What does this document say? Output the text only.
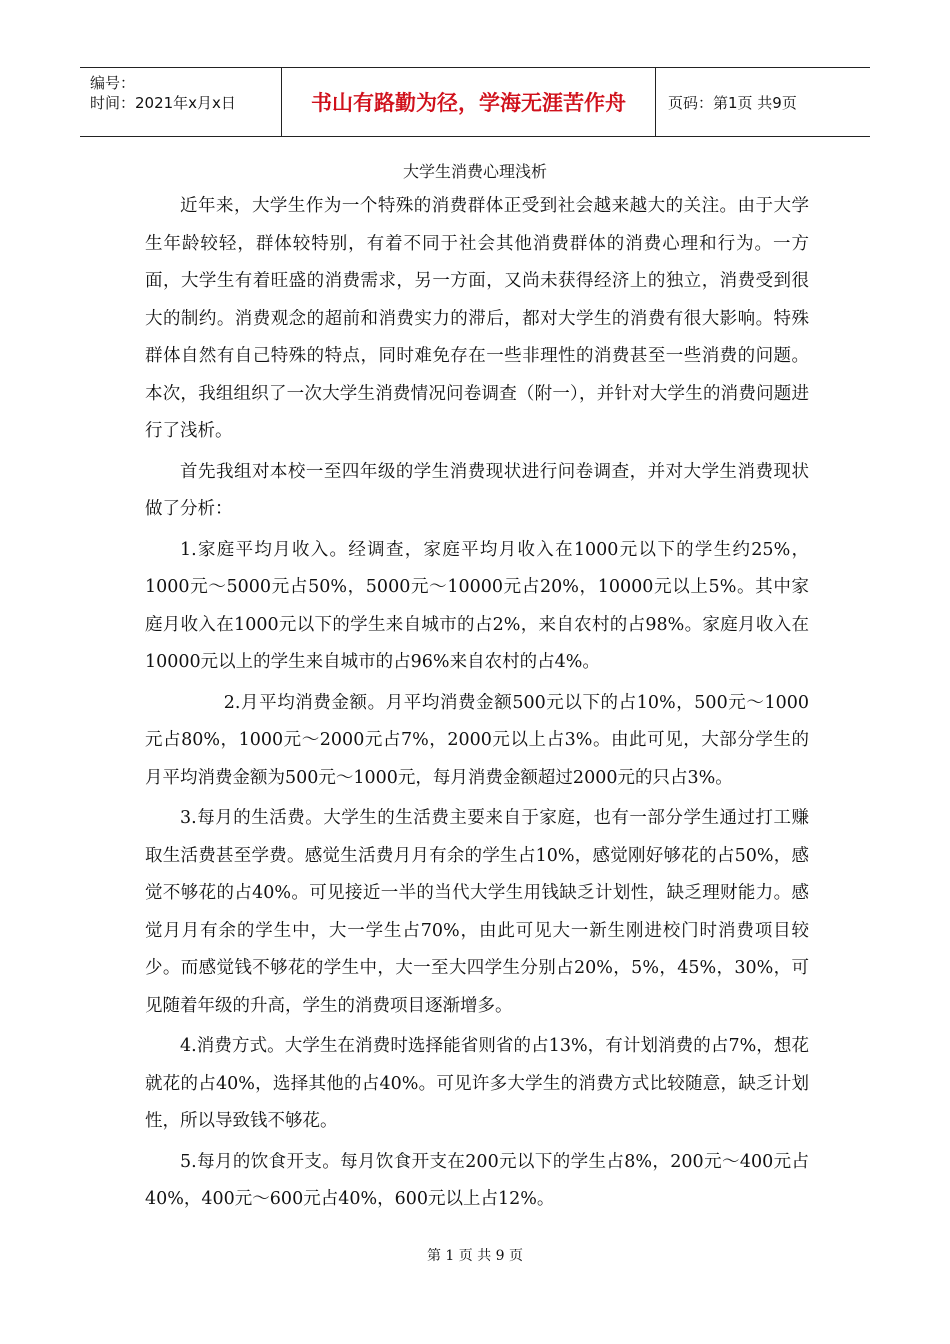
编号：
时间：2021年x月x日	书山有路勤为径，学海无涯苦作舟	页码：第1页 共9页
大学生消费心理浅析

近年来，大学生作为一个特殊的消费群体正受到社会越来越大的关注。由于大学生年龄较轻，群体较特别，有着不同于社会其他消费群体的消费心理和行为。一方面，大学生有着旺盛的消费需求，另一方面，又尚未获得经济上的独立，消费受到很大的制约。消费观念的超前和消费实力的滞后，都对大学生的消费有很大影响。特殊群体自然有自己特殊的特点，同时难免存在一些非理性的消费甚至一些消费的问题。本次，我组组织了一次大学生消费情况问卷调查（附一），并针对大学生的消费问题进行了浅析。

首先我组对本校一至四年级的学生消费现状进行问卷调查，并对大学生消费现状做了分析：

1.家庭平均月收入。经调查，家庭平均月收入在1000元以下的学生约25%，1000元～5000元占50%，5000元～10000元占20%，10000元以上5%。其中家庭月收入在1000元以下的学生来自城市的占2%，来自农村的占98%。家庭月收入在10000元以上的学生来自城市的占96%来自农村的占4%。

2.月平均消费金额。月平均消费金额500元以下的占10%，500元～1000元占80%，1000元～2000元占7%，2000元以上占3%。由此可见，大部分学生的月平均消费金额为500元～1000元，每月消费金额超过2000元的只占3%。

3.每月的生活费。大学生的生活费主要来自于家庭，也有一部分学生通过打工赚取生活费甚至学费。感觉生活费月月有余的学生占10%，感觉刚好够花的占50%，感觉不够花的占40%。可见接近一半的当代大学生用钱缺乏计划性，缺乏理财能力。感觉月月有余的学生中，大一学生占70%，由此可见大一新生刚进校门时消费项目较少。而感觉钱不够花的学生中，大一至大四学生分别占20%，5%，45%，30%，可见随着年级的升高，学生的消费项目逐渐增多。

4.消费方式。大学生在消费时选择能省则省的占13%，有计划消费的占7%，想花就花的占40%，选择其他的占40%。可见许多大学生的消费方式比较随意，缺乏计划性，所以导致钱不够花。

5.每月的饮食开支。每月饮食开支在200元以下的学生占8%，200元～400元占40%，400元～600元占40%，600元以上占12%。

第 1 页 共 9 页
